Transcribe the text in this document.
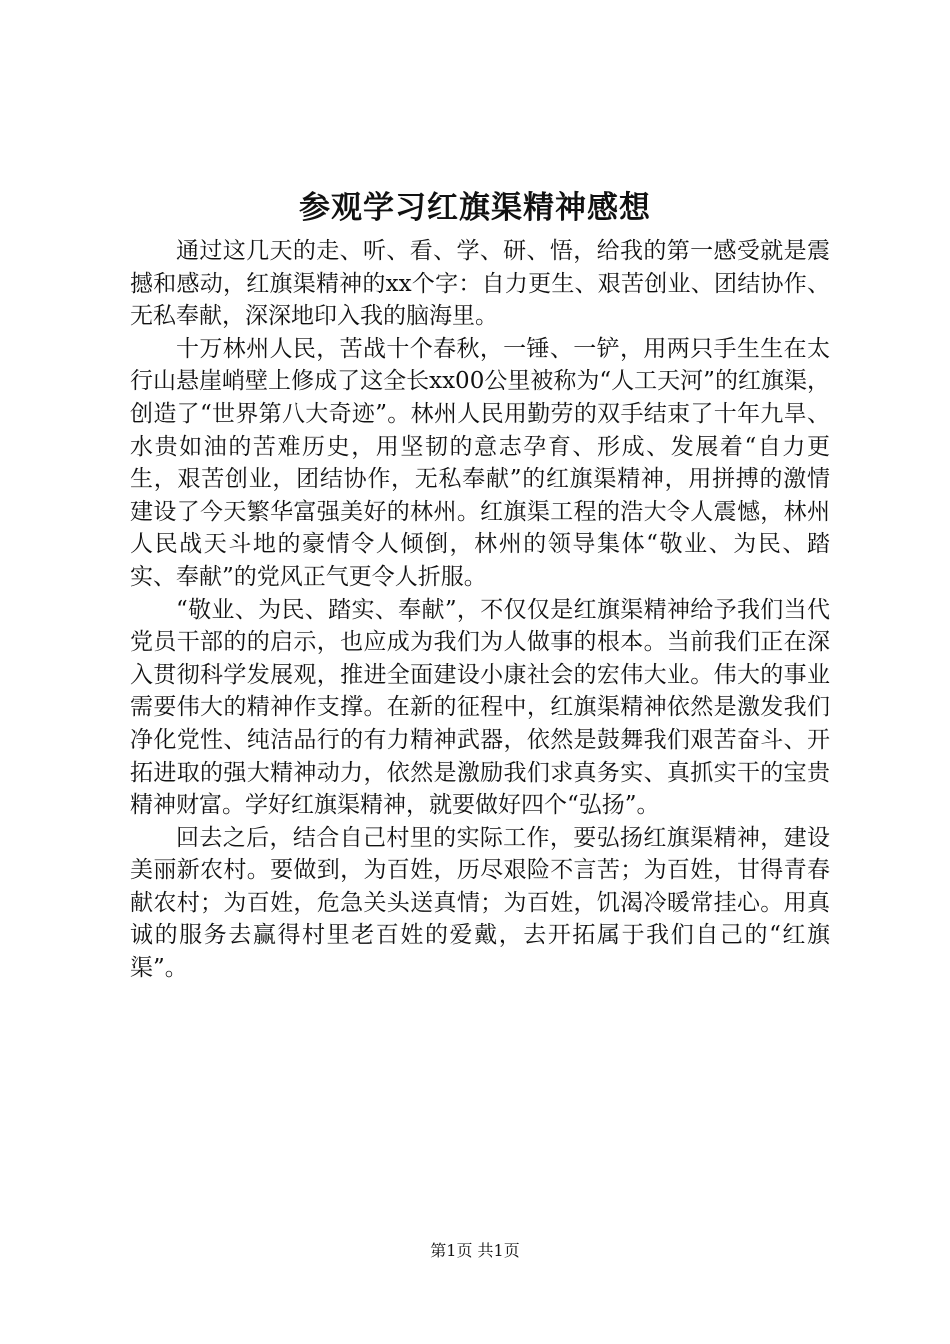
参观学习红旗渠精神感想

通过这几天的走、听、看、学、研、悟，给我的第一感受就是震撼和感动，红旗渠精神的xx个字：自力更生、艰苦创业、团结协作、无私奉献，深深地印入我的脑海里。

十万林州人民，苦战十个春秋，一锤、一铲，用两只手生生在太行山悬崖峭壁上修成了这全长xx00公里被称为“人工天河”的红旗渠，创造了“世界第八大奇迹”。林州人民用勤劳的双手结束了十年九旱、水贵如油的苦难历史，用坚韧的意志孕育、形成、发展着“自力更生，艰苦创业，团结协作，无私奉献”的红旗渠精神，用拼搏的激情建设了今天繁华富强美好的林州。红旗渠工程的浩大令人震憾，林州人民战天斗地的豪情令人倾倒，林州的领导集体“敬业、为民、踏实、奉献”的党风正气更令人折服。

“敬业、为民、踏实、奉献”，不仅仅是红旗渠精神给予我们当代党员干部的的启示，也应成为我们为人做事的根本。当前我们正在深入贯彻科学发展观，推进全面建设小康社会的宏伟大业。伟大的事业需要伟大的精神作支撑。在新的征程中，红旗渠精神依然是激发我们净化党性、纯洁品行的有力精神武器，依然是鼓舞我们艰苦奋斗、开拓进取的强大精神动力，依然是激励我们求真务实、真抓实干的宝贵精神财富。学好红旗渠精神，就要做好四个“弘扬”。

回去之后，结合自己村里的实际工作，要弘扬红旗渠精神，建设美丽新农村。要做到，为百姓，历尽艰险不言苦；为百姓，甘得青春献农村；为百姓，危急关头送真情；为百姓，饥渴冷暖常挂心。用真诚的服务去赢得村里老百姓的爱戴，去开拓属于我们自己的“红旗渠”。

第1页 共1页
